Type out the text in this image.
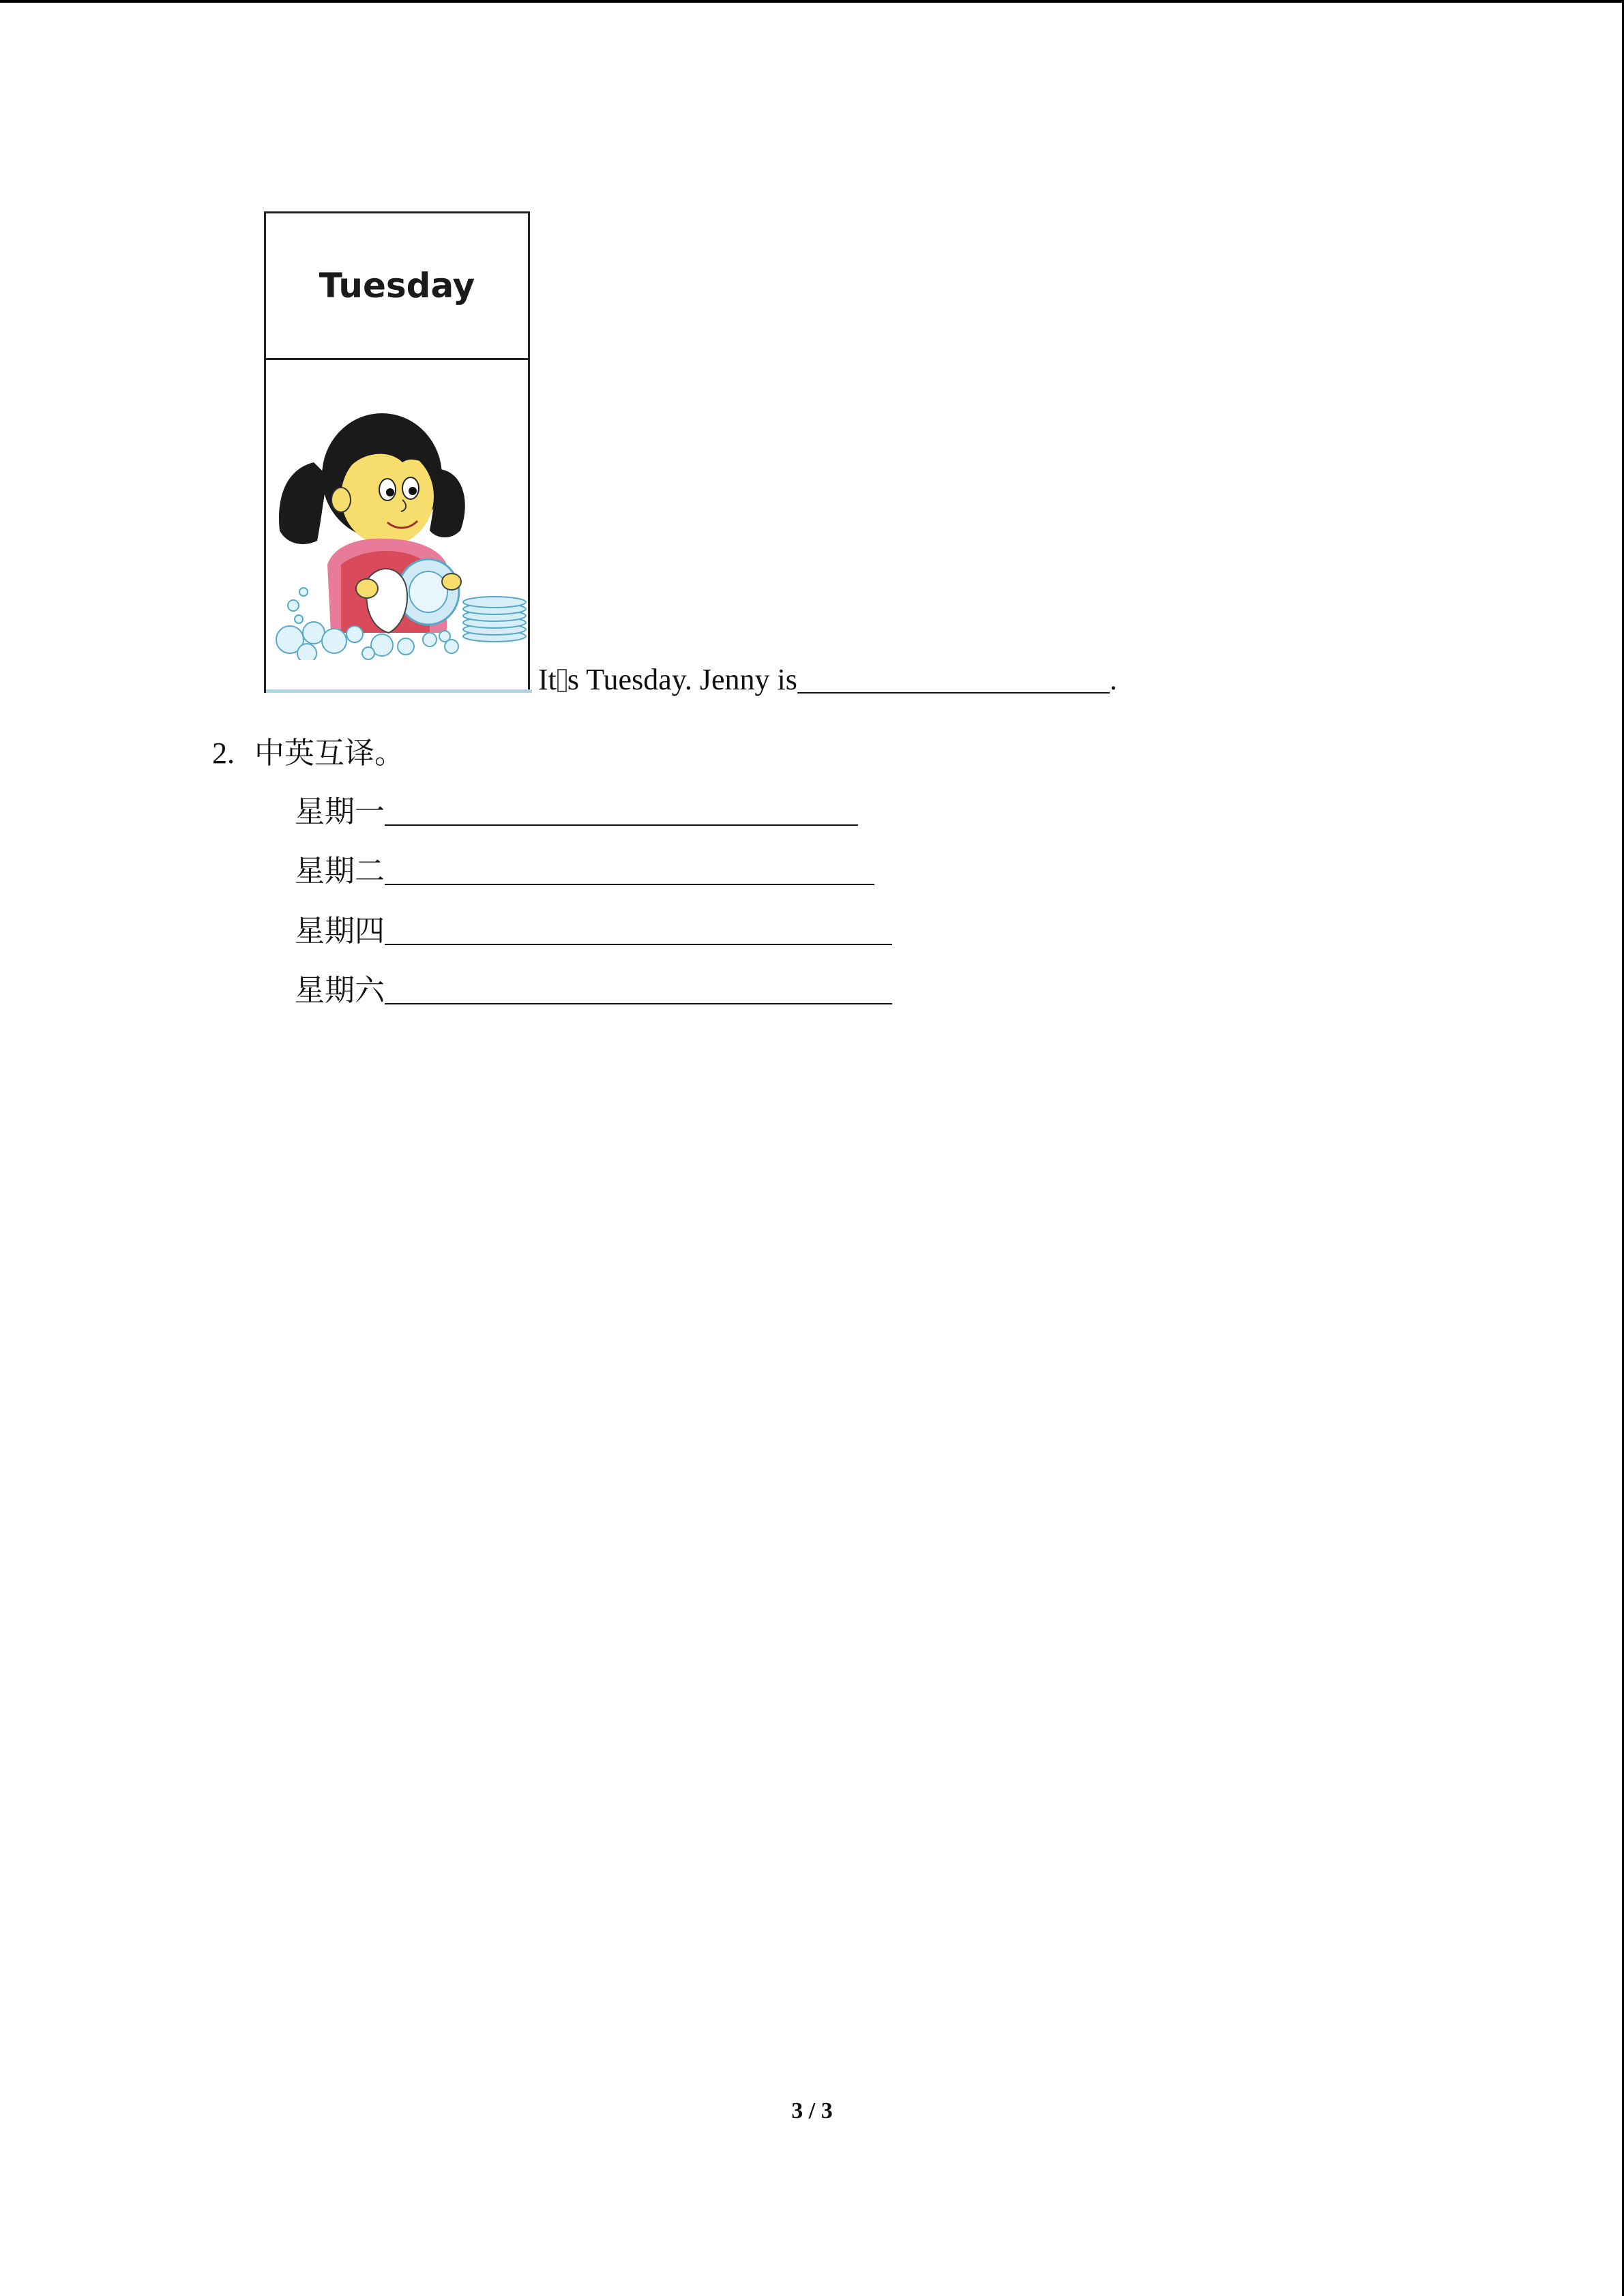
Tuesday
It s Tuesday. Jenny is	.
2. 中英互译。
星期一
星期二
星期四
星期六
3 / 3
